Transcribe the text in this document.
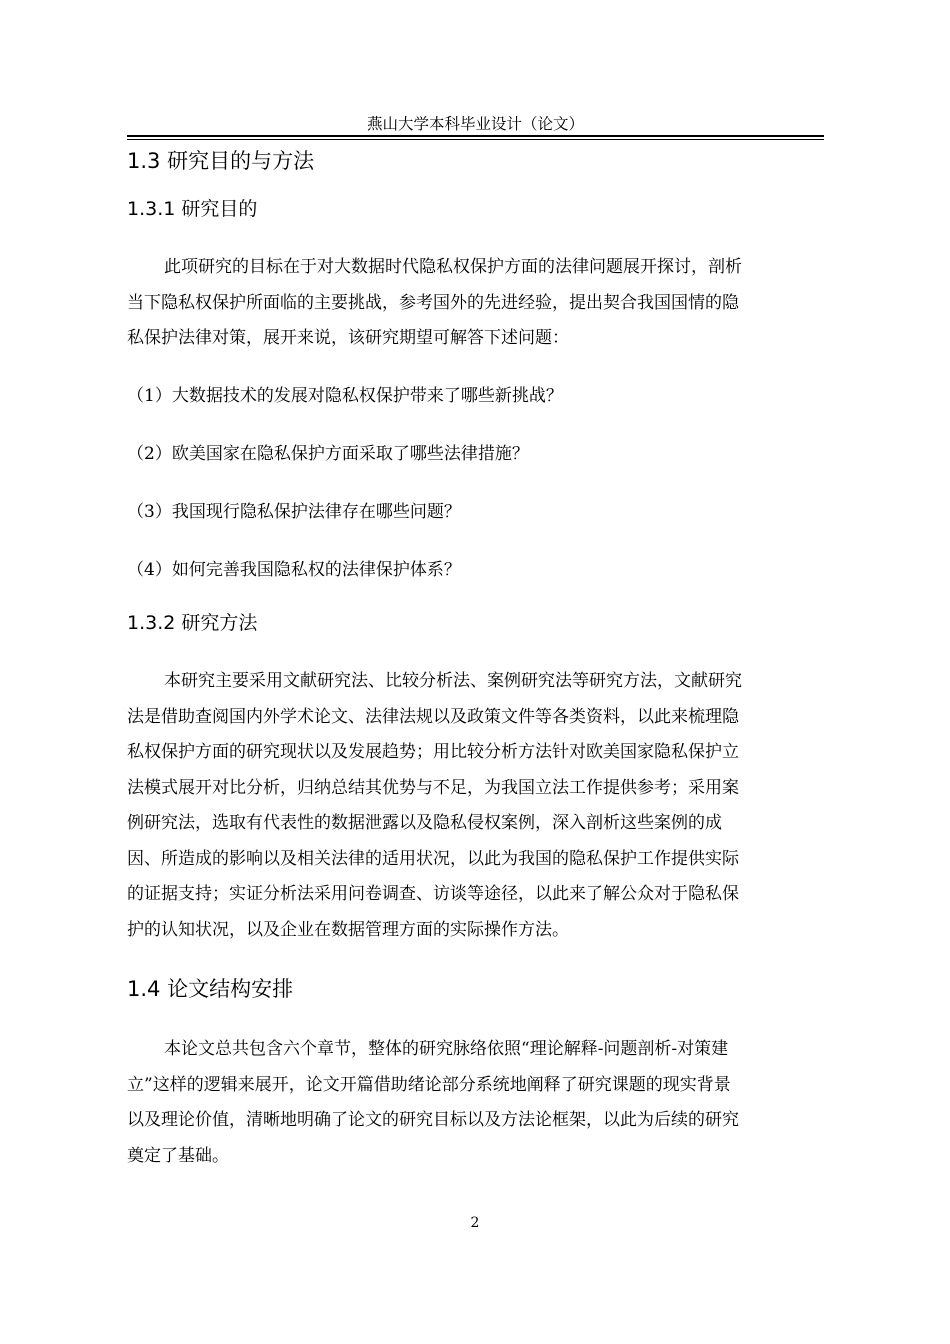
燕山大学本科毕业设计（论文）
1.3 研究目的与方法
1.3.1 研究目的
此项研究的目标在于对大数据时代隐私权保护方面的法律问题展开探讨，剖析
当下隐私权保护所面临的主要挑战，参考国外的先进经验，提出契合我国国情的隐
私保护法律对策，展开来说，该研究期望可解答下述问题：
（1）大数据技术的发展对隐私权保护带来了哪些新挑战？
（2）欧美国家在隐私保护方面采取了哪些法律措施？
（3）我国现行隐私保护法律存在哪些问题？
（4）如何完善我国隐私权的法律保护体系？
1.3.2 研究方法
本研究主要采用文献研究法、比较分析法、案例研究法等研究方法，文献研究
法是借助查阅国内外学术论文、法律法规以及政策文件等各类资料，以此来梳理隐
私权保护方面的研究现状以及发展趋势；用比较分析方法针对欧美国家隐私保护立
法模式展开对比分析，归纳总结其优势与不足，为我国立法工作提供参考；采用案
例研究法，选取有代表性的数据泄露以及隐私侵权案例，深入剖析这些案例的成
因、所造成的影响以及相关法律的适用状况，以此为我国的隐私保护工作提供实际
的证据支持；实证分析法采用问卷调查、访谈等途径，以此来了解公众对于隐私保
护的认知状况，以及企业在数据管理方面的实际操作方法。
1.4 论文结构安排
本论文总共包含六个章节，整体的研究脉络依照“理论解释-问题剖析-对策建
立”这样的逻辑来展开，论文开篇借助绪论部分系统地阐释了研究课题的现实背景
以及理论价值，清晰地明确了论文的研究目标以及方法论框架，以此为后续的研究
奠定了基础。
2
